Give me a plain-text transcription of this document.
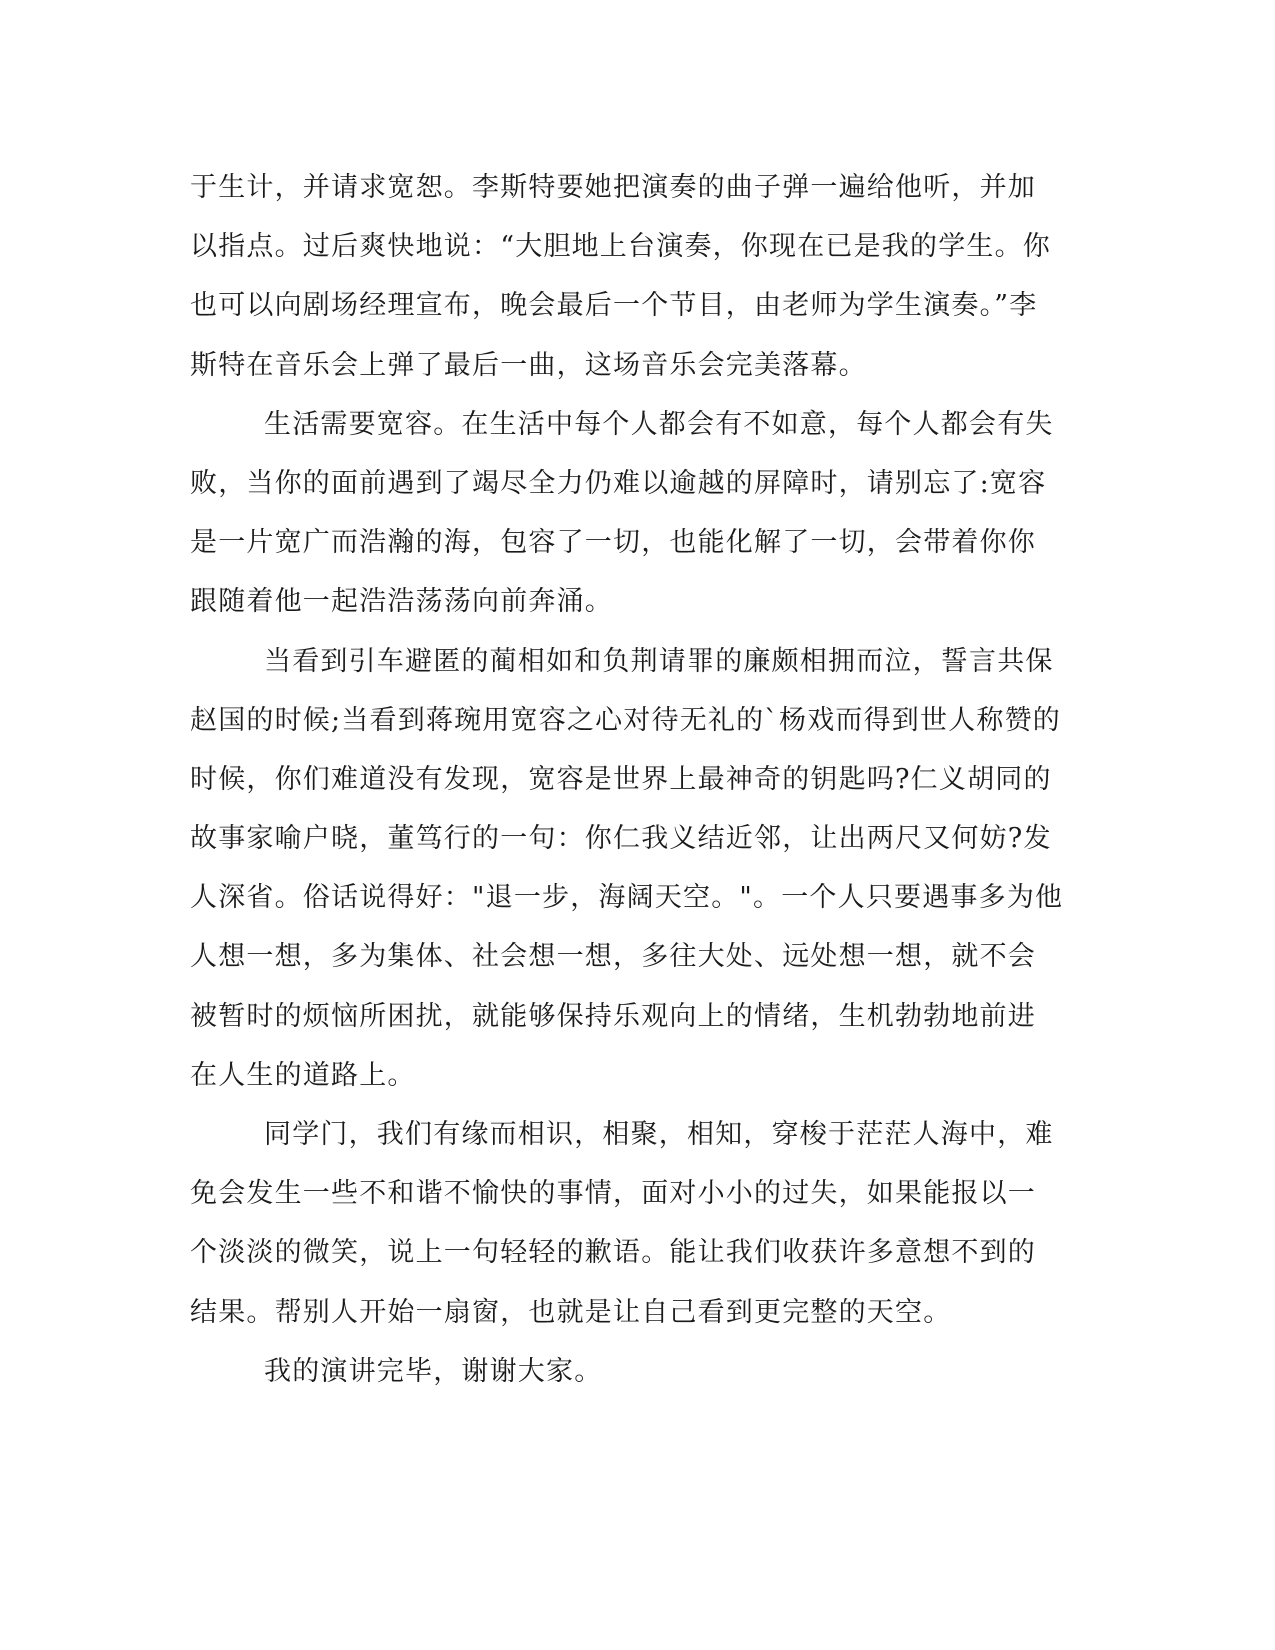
于生计，并请求宽恕。李斯特要她把演奏的曲子弹一遍给他听，并加
以指点。过后爽快地说：“大胆地上台演奏，你现在已是我的学生。你
也可以向剧场经理宣布，晚会最后一个节目，由老师为学生演奏。”李
斯特在音乐会上弹了最后一曲，这场音乐会完美落幕。
生活需要宽容。在生活中每个人都会有不如意，每个人都会有失
败，当你的面前遇到了竭尽全力仍难以逾越的屏障时，请别忘了:宽容
是一片宽广而浩瀚的海，包容了一切，也能化解了一切，会带着你你
跟随着他一起浩浩荡荡向前奔涌。
当看到引车避匿的蔺相如和负荆请罪的廉颇相拥而泣，誓言共保
赵国的时候;当看到蒋琬用宽容之心对待无礼的`杨戏而得到世人称赞的
时候，你们难道没有发现，宽容是世界上最神奇的钥匙吗?仁义胡同的
故事家喻户晓，董笃行的一句：你仁我义结近邻，让出两尺又何妨?发
人深省。俗话说得好："退一步，海阔天空。"。一个人只要遇事多为他
人想一想，多为集体、社会想一想，多往大处、远处想一想，就不会
被暂时的烦恼所困扰，就能够保持乐观向上的情绪，生机勃勃地前进
在人生的道路上。
同学门，我们有缘而相识，相聚，相知，穿梭于茫茫人海中，难
免会发生一些不和谐不愉快的事情，面对小小的过失，如果能报以一
个淡淡的微笑，说上一句轻轻的歉语。能让我们收获许多意想不到的
结果。帮别人开始一扇窗，也就是让自己看到更完整的天空。
我的演讲完毕，谢谢大家。
